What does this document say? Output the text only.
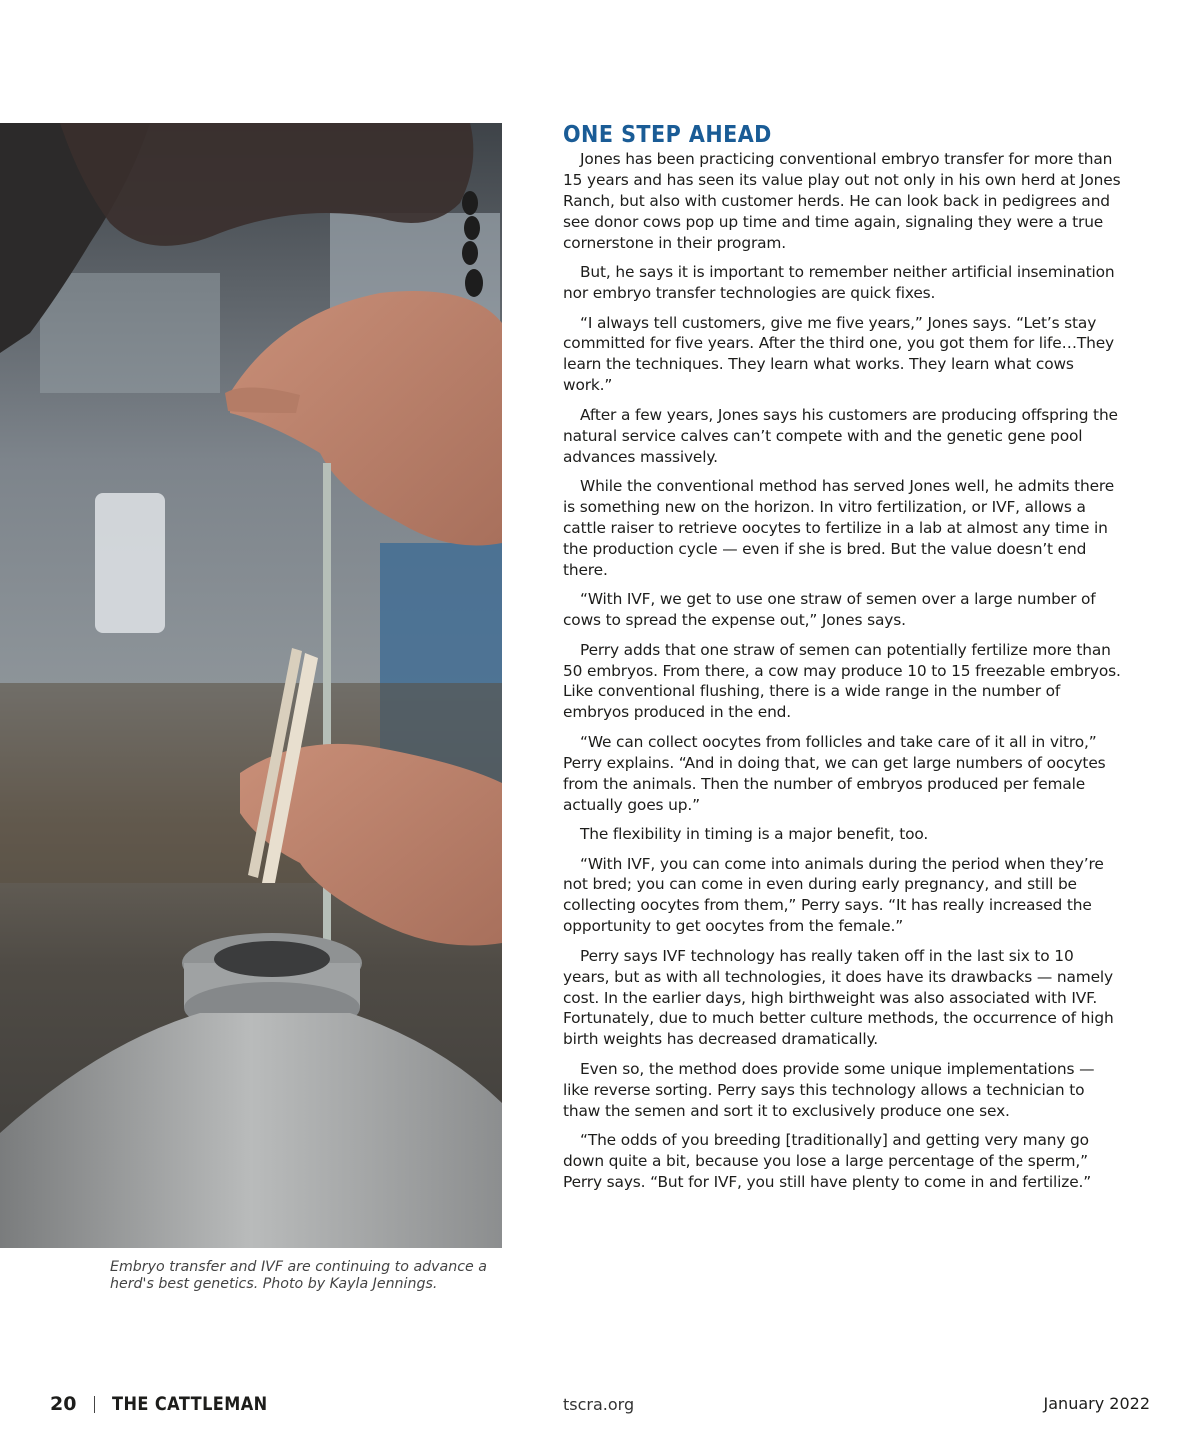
Embryo transfer and IVF are continuing to advance a herd's best genetics. Photo by Kayla Jennings.

ONE STEP AHEAD

Jones has been practicing conventional embryo transfer for more than 15 years and has seen its value play out not only in his own herd at Jones Ranch, but also with customer herds. He can look back in pedigrees and see donor cows pop up time and time again, signaling they were a true cornerstone in their program.

But, he says it is important to remember neither artificial insemination nor embryo transfer technologies are quick fixes.

“I always tell customers, give me five years,” Jones says. “Let’s stay committed for five years. After the third one, you got them for life…They learn the techniques. They learn what works. They learn what cows work.”

After a few years, Jones says his customers are producing offspring the natural service calves can’t compete with and the genetic gene pool advances massively.

While the conventional method has served Jones well, he admits there is something new on the horizon. In vitro fertilization, or IVF, allows a cattle raiser to retrieve oocytes to fertilize in a lab at almost any time in the production cycle — even if she is bred. But the value doesn’t end there.

“With IVF, we get to use one straw of semen over a large number of cows to spread the expense out,” Jones says.

Perry adds that one straw of semen can potentially fertilize more than 50 embryos. From there, a cow may produce 10 to 15 freezable embryos. Like conventional flushing, there is a wide range in the number of embryos produced in the end.

“We can collect oocytes from follicles and take care of it all in vitro,” Perry explains. “And in doing that, we can get large numbers of oocytes from the animals. Then the number of embryos produced per female actually goes up.”

The flexibility in timing is a major benefit, too.

“With IVF, you can come into animals during the period when they’re not bred; you can come in even during early pregnancy, and still be collecting oocytes from them,” Perry says. “It has really increased the opportunity to get oocytes from the female.”

Perry says IVF technology has really taken off in the last six to 10 years, but as with all technologies, it does have its drawbacks — namely cost. In the earlier days, high birthweight was also associated with IVF. Fortunately, due to much better culture methods, the occurrence of high birth weights has decreased dramatically.

Even so, the method does provide some unique implementations — like reverse sorting. Perry says this technology allows a technician to thaw the semen and sort it to exclusively produce one sex.

“The odds of you breeding [traditionally] and getting very many go down quite a bit, because you lose a large percentage of the sperm,” Perry says. “But for IVF, you still have plenty to come in and fertilize.”

20 THE CATTLEMAN	tscra.org	January 2022
